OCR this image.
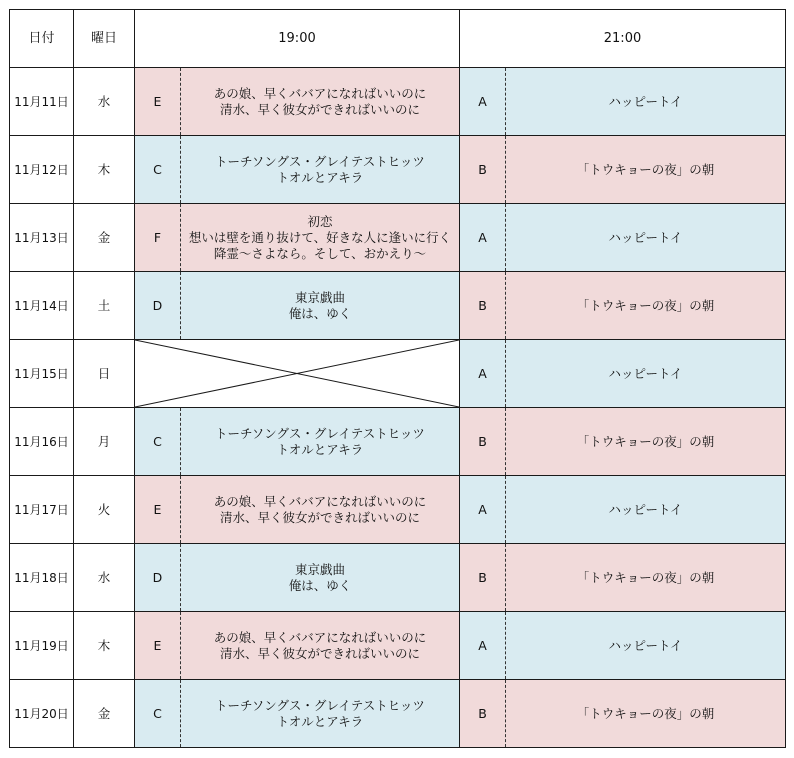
日付	曜日	19:00		21:00	
11月11日	水	E	あの娘、早くババアになればいいのに
清水、早く彼女ができればいいのに	A	ハッピートイ

11月12日	木	C	トーチソングス・グレイテストヒッツ
トオルとアキラ	B	「トウキョーの夜」の朝

11月13日	金	F	初恋
想いは壁を通り抜けて、好きな人に逢いに行く
降霊～さよなら。そして、おかえり～	A	ハッピートイ

11月14日	土	D	東京戯曲
俺は、ゆく	B	「トウキョーの夜」の朝

11月15日	日			A	ハッピートイ

11月16日	月	C	トーチソングス・グレイテストヒッツ
トオルとアキラ	B	「トウキョーの夜」の朝

11月17日	火	E	あの娘、早くババアになればいいのに
清水、早く彼女ができればいいのに	A	ハッピートイ

11月18日	水	D	東京戯曲
俺は、ゆく	B	「トウキョーの夜」の朝

11月19日	木	E	あの娘、早くババアになればいいのに
清水、早く彼女ができればいいのに	A	ハッピートイ

11月20日	金	C	トーチソングス・グレイテストヒッツ
トオルとアキラ	B	「トウキョーの夜」の朝
